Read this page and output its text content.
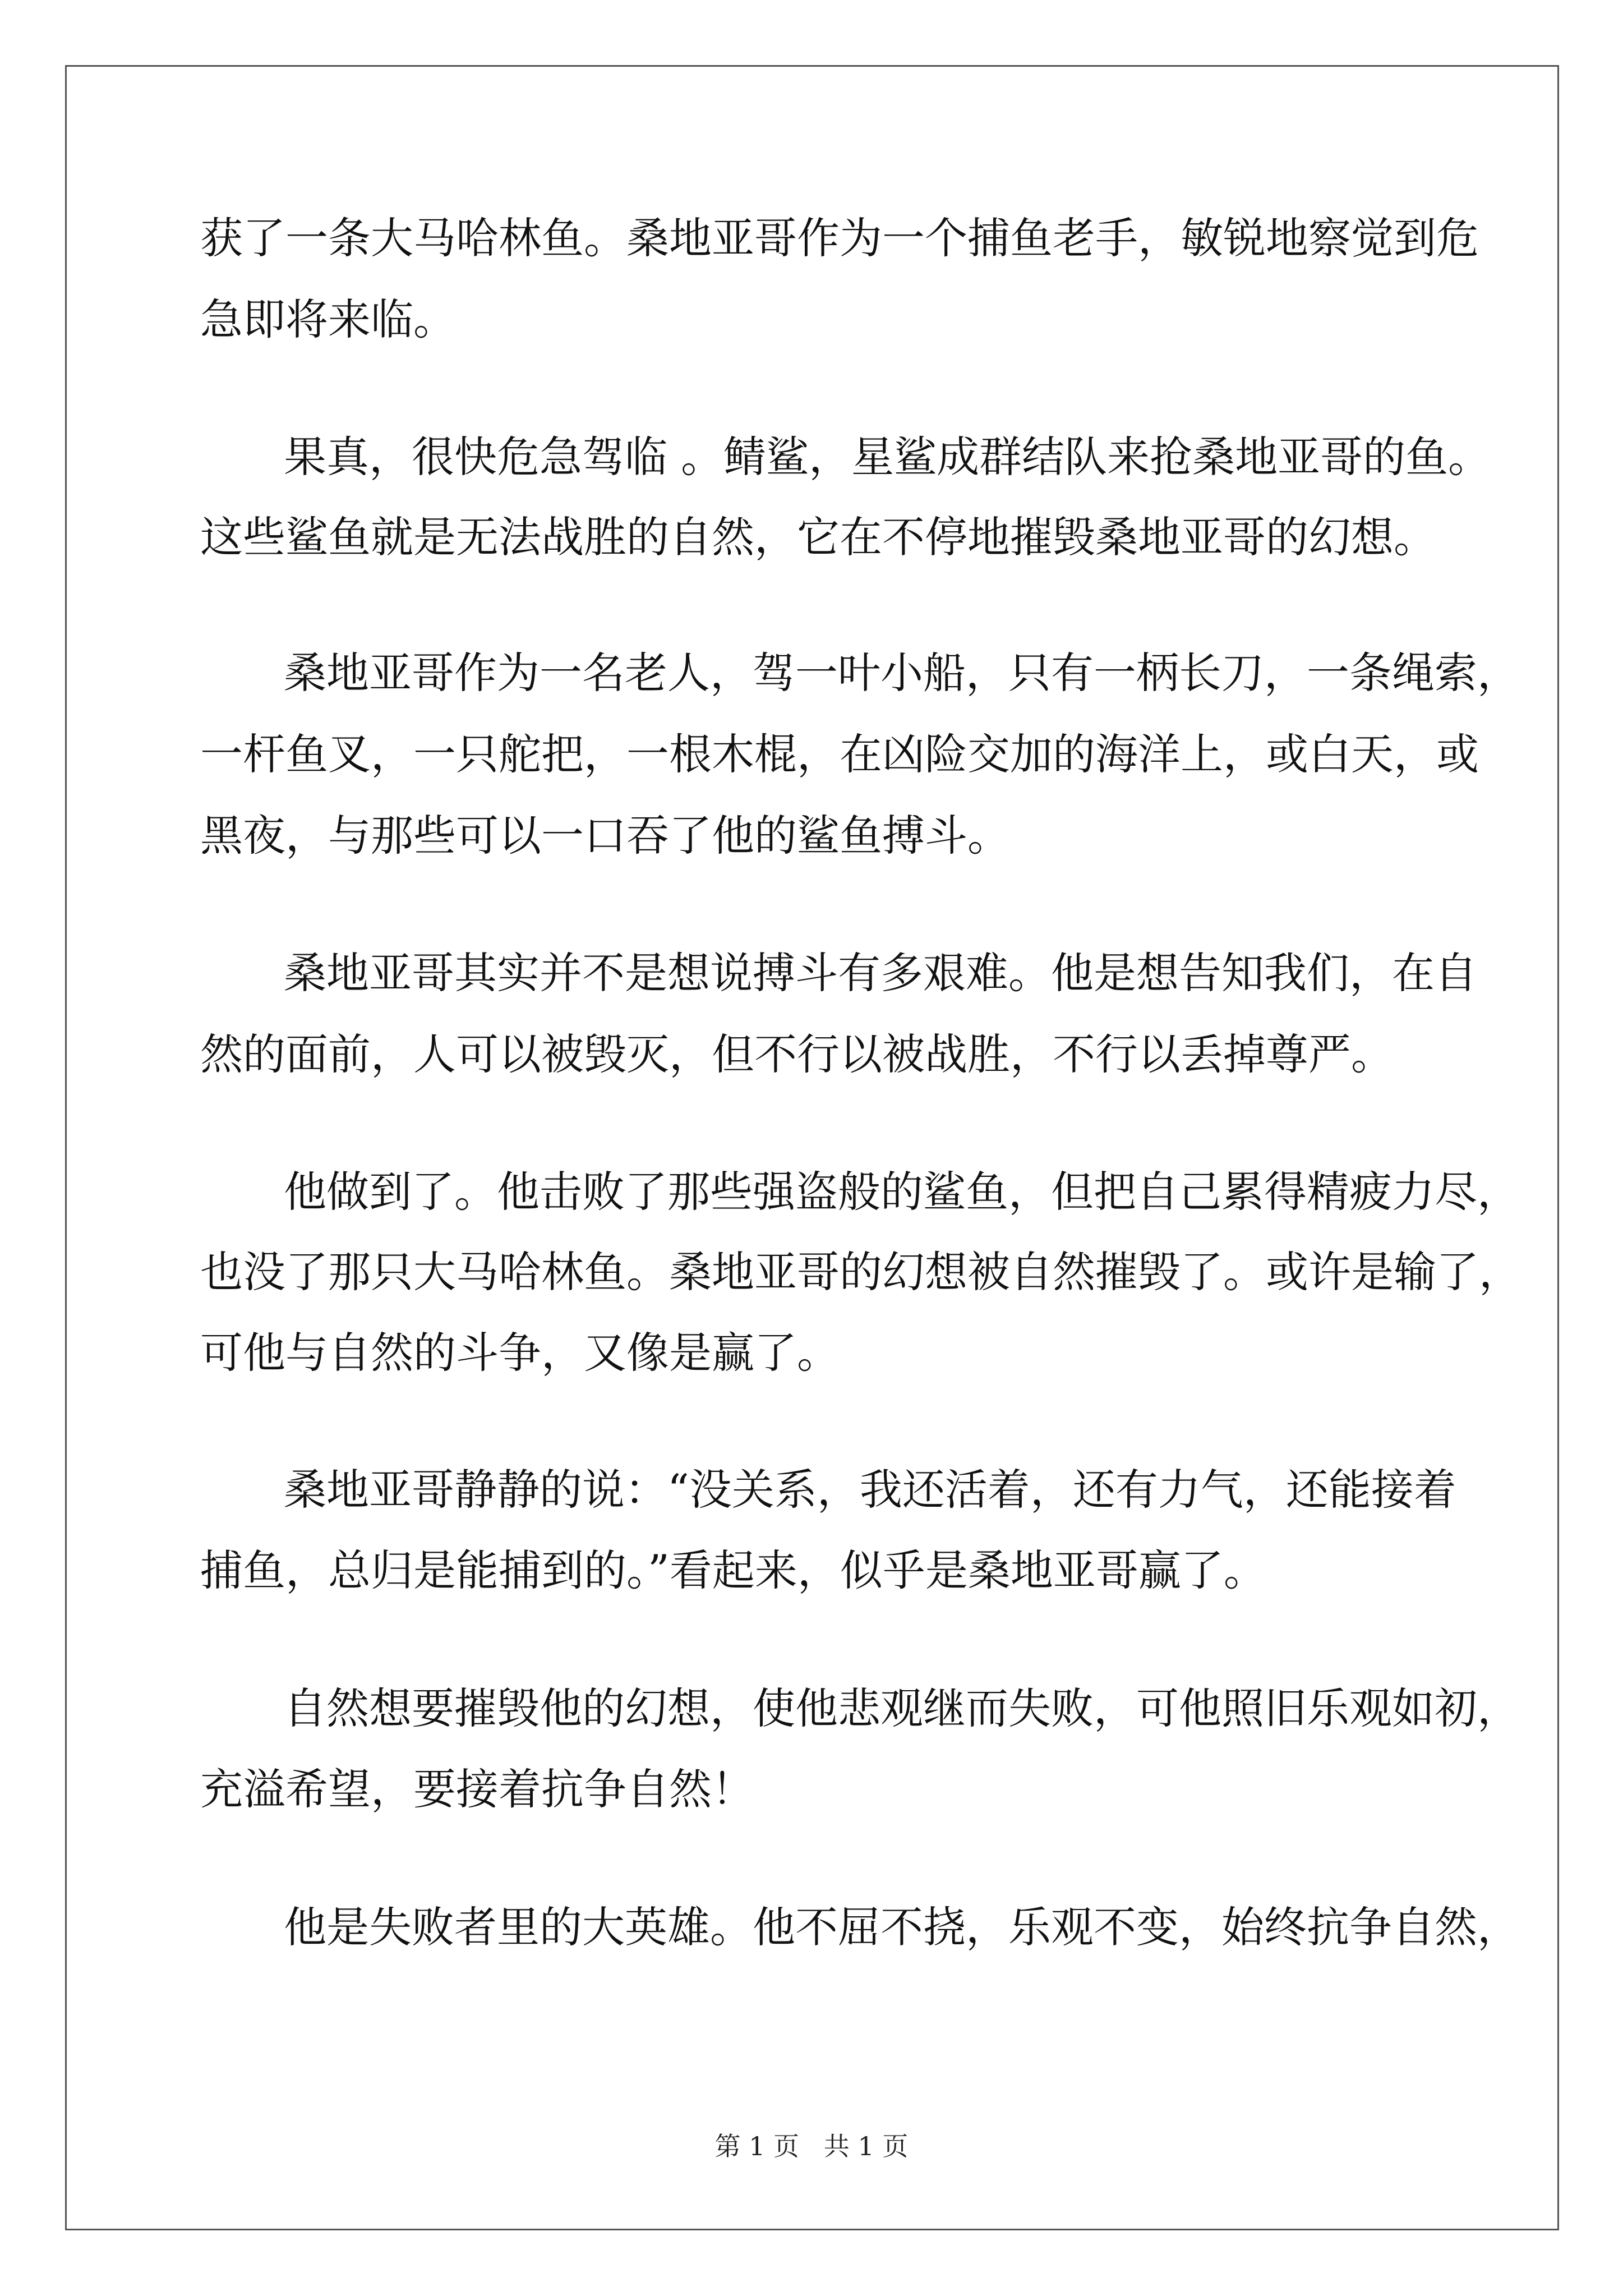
获了一条大马哈林鱼。桑地亚哥作为一个捕鱼老手，敏锐地察觉到危
急即将来临。
果真，很快危急驾临 。鲭鲨，星鲨成群结队来抢桑地亚哥的鱼。
这些鲨鱼就是无法战胜的自然，它在不停地摧毁桑地亚哥的幻想。
桑地亚哥作为一名老人，驾一叶小船，只有一柄长刀，一条绳索，
一杆鱼叉，一只舵把，一根木棍，在凶险交加的海洋上，或白天，或
黑夜，与那些可以一口吞了他的鲨鱼搏斗。
桑地亚哥其实并不是想说搏斗有多艰难。他是想告知我们，在自
然的面前，人可以被毁灭，但不行以被战胜，不行以丢掉尊严。
他做到了。他击败了那些强盗般的鲨鱼，但把自己累得精疲力尽，
也没了那只大马哈林鱼。桑地亚哥的幻想被自然摧毁了。或许是输了，
可他与自然的斗争，又像是赢了。
桑地亚哥静静的说：“没关系，我还活着，还有力气，还能接着
捕鱼，总归是能捕到的。”看起来，似乎是桑地亚哥赢了。
自然想要摧毁他的幻想，使他悲观继而失败，可他照旧乐观如初，
充溢希望，要接着抗争自然！
他是失败者里的大英雄。他不屈不挠，乐观不变，始终抗争自然，
第 1 页   共 1 页
